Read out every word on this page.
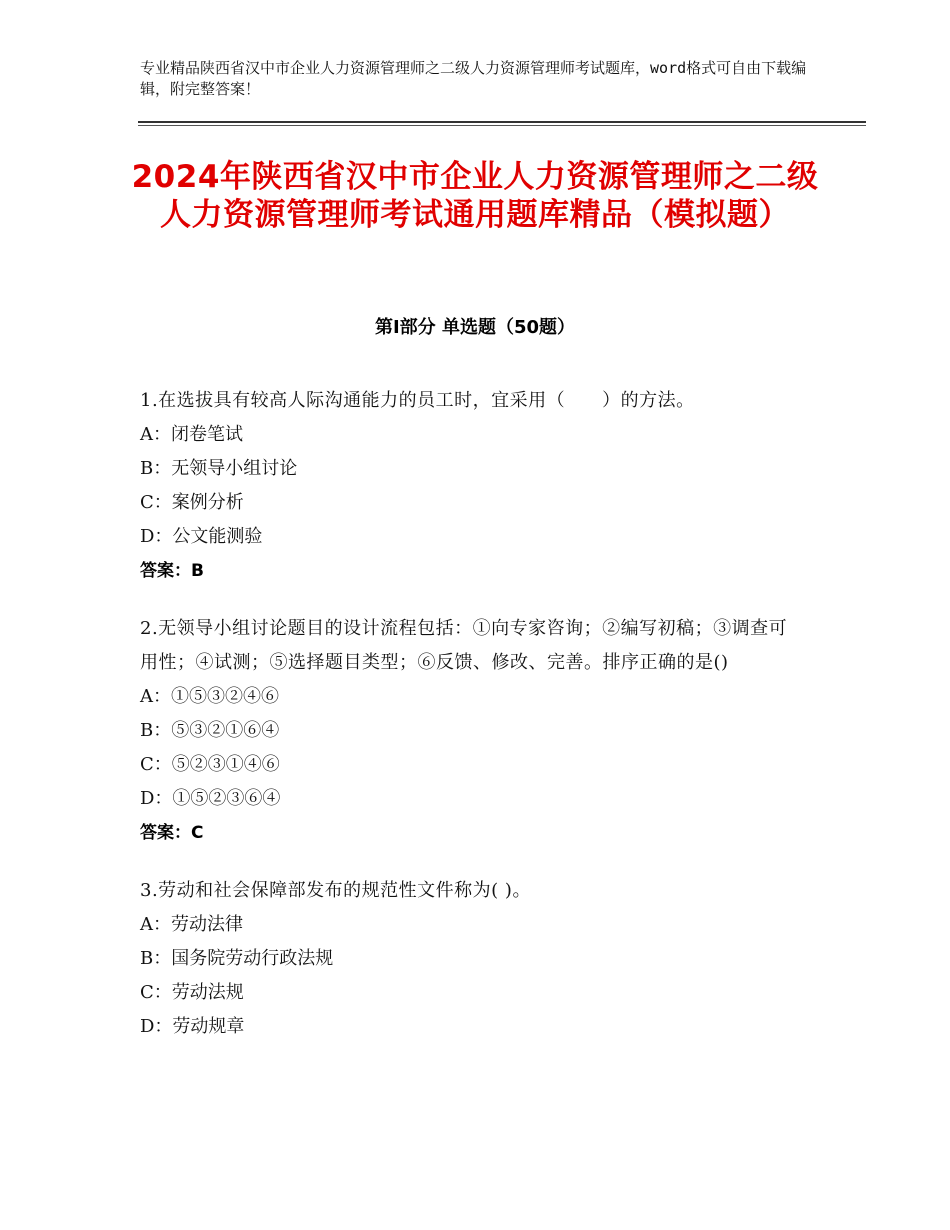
专业精品陕西省汉中市企业人力资源管理师之二级人力资源管理师考试题库，word格式可自由下载编辑，附完整答案！
2024年陕西省汉中市企业人力资源管理师之二级人力资源管理师考试通用题库精品（模拟题）
第Ⅰ部分 单选题（50题）
1.在选拔具有较高人际沟通能力的员工时，宜采用（　　）的方法。
A：闭卷笔试
B：无领导小组讨论
C：案例分析
D：公文能测验
答案：B
2.无领导小组讨论题目的设计流程包括：①向专家咨询；②编写初稿；③调查可用性；④试测；⑤选择题目类型；⑥反馈、修改、完善。排序正确的是()
A：①⑤③②④⑥
B：⑤③②①⑥④
C：⑤②③①④⑥
D：①⑤②③⑥④
答案：C
3.劳动和社会保障部发布的规范性文件称为( )。
A：劳动法律
B：国务院劳动行政法规
C：劳动法规
D：劳动规章
